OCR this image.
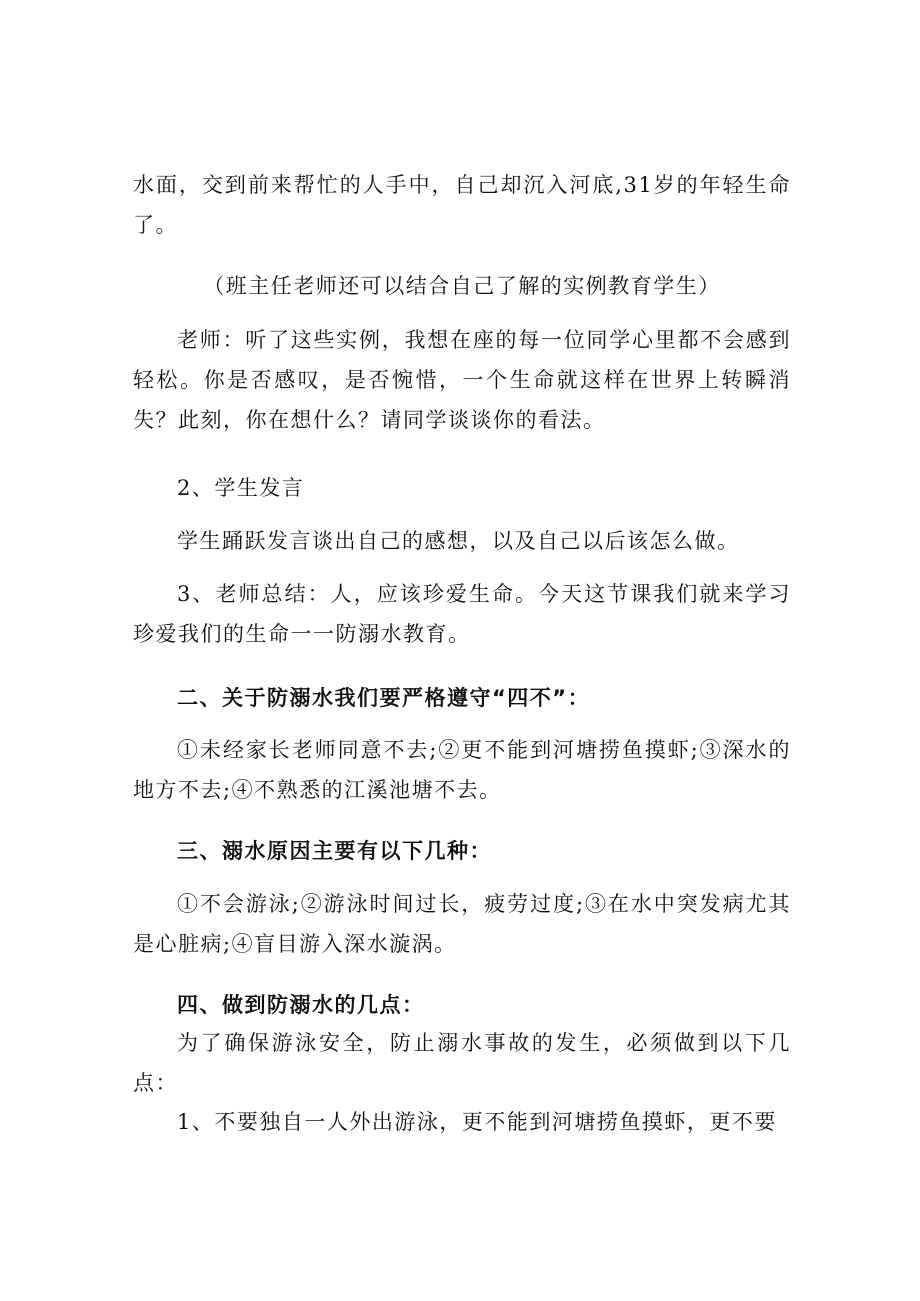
水面，交到前来帮忙的人手中，自己却沉入河底,31岁的年轻生命了。
（班主任老师还可以结合自己了解的实例教育学生）
老师：听了这些实例，我想在座的每一位同学心里都不会感到轻松。你是否感叹，是否惋惜，一个生命就这样在世界上转瞬消失？此刻，你在想什么？请同学谈谈你的看法。
2、学生发言
学生踊跃发言谈出自己的感想，以及自己以后该怎么做。
3、老师总结：人，应该珍爱生命。今天这节课我们就来学习珍爱我们的生命一一防溺水教育。
二、关于防溺水我们要严格遵守“四不”：
①未经家长老师同意不去;②更不能到河塘捞鱼摸虾;③深水的地方不去;④不熟悉的江溪池塘不去。
三、溺水原因主要有以下几种：
①不会游泳;②游泳时间过长，疲劳过度;③在水中突发病尤其是心脏病;④盲目游入深水漩涡。
四、做到防溺水的几点：
为了确保游泳安全，防止溺水事故的发生，必须做到以下几点：
1、不要独自一人外出游泳，更不能到河塘捞鱼摸虾，更不要
